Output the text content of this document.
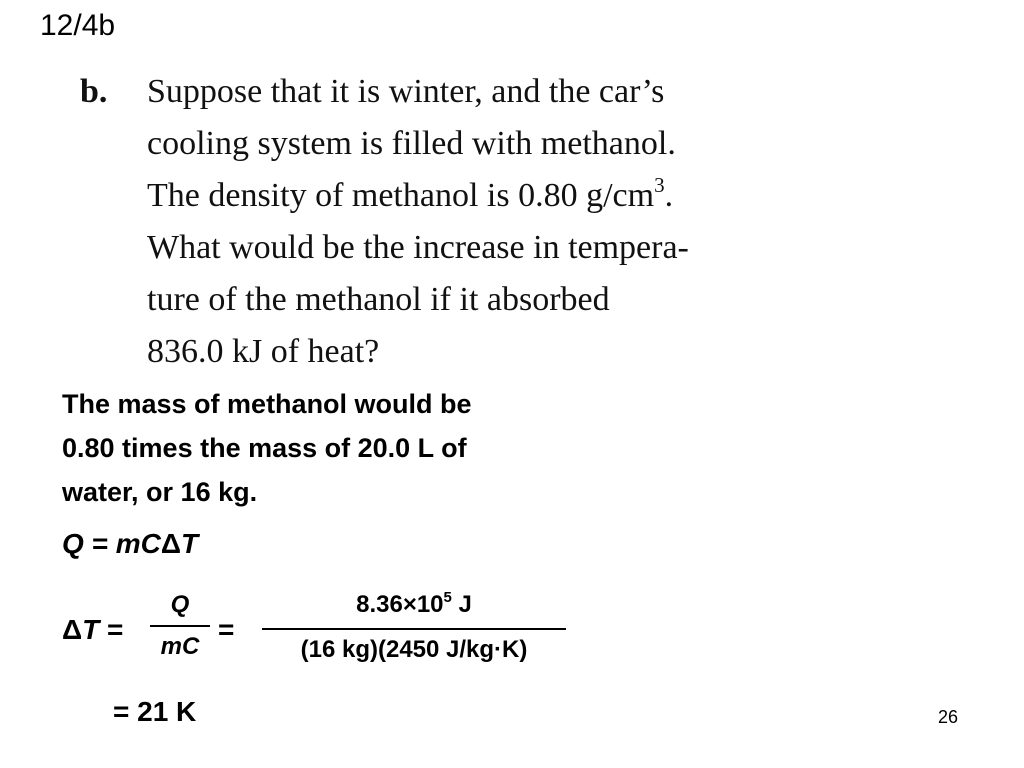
12/4b
b. Suppose that it is winter, and the car’s
cooling system is filled with methanol.
The density of methanol is 0.80 $g/cm^3$.
What would be the increase in tempera-
ture of the methanol if it absorbed
836.0 kJ of heat?
The mass of methanol would be
0.80 times the mass of 20.0 L of
water, or 16 kg.
Q = mCΔT
ΔT =
Q
mC
=
$8.36\times 10^5$ J
(16 kg)(2450 J/kg·K)
= 21 K	26
